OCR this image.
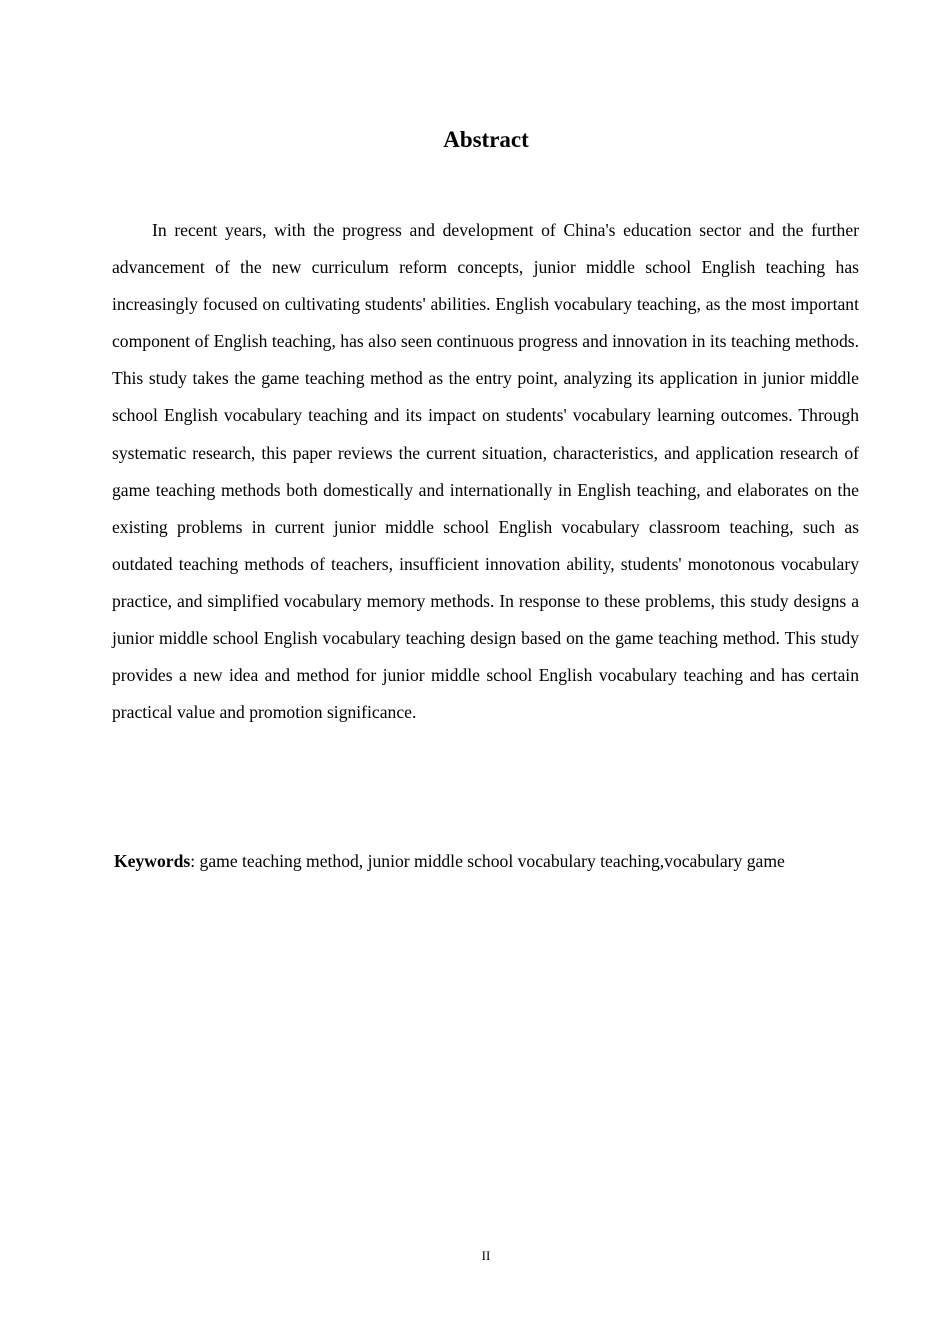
Abstract

In recent years, with the progress and development of China's education sector and the further advancement of the new curriculum reform concepts, junior middle school English teaching has increasingly focused on cultivating students' abilities. English vocabulary teaching, as the most important component of English teaching, has also seen continuous progress and innovation in its teaching methods. This study takes the game teaching method as the entry point, analyzing its application in junior middle school English vocabulary teaching and its impact on students' vocabulary learning outcomes. Through systematic research, this paper reviews the current situation, characteristics, and application research of game teaching methods both domestically and internationally in English teaching, and elaborates on the existing problems in current junior middle school English vocabulary classroom teaching, such as outdated teaching methods of teachers, insufficient innovation ability, students' monotonous vocabulary practice, and simplified vocabulary memory methods. In response to these problems, this study designs a junior middle school English vocabulary teaching design based on the game teaching method. This study provides a new idea and method for junior middle school English vocabulary teaching and has certain practical value and promotion significance.

Keywords: game teaching method, junior middle school vocabulary teaching,vocabulary game

II
